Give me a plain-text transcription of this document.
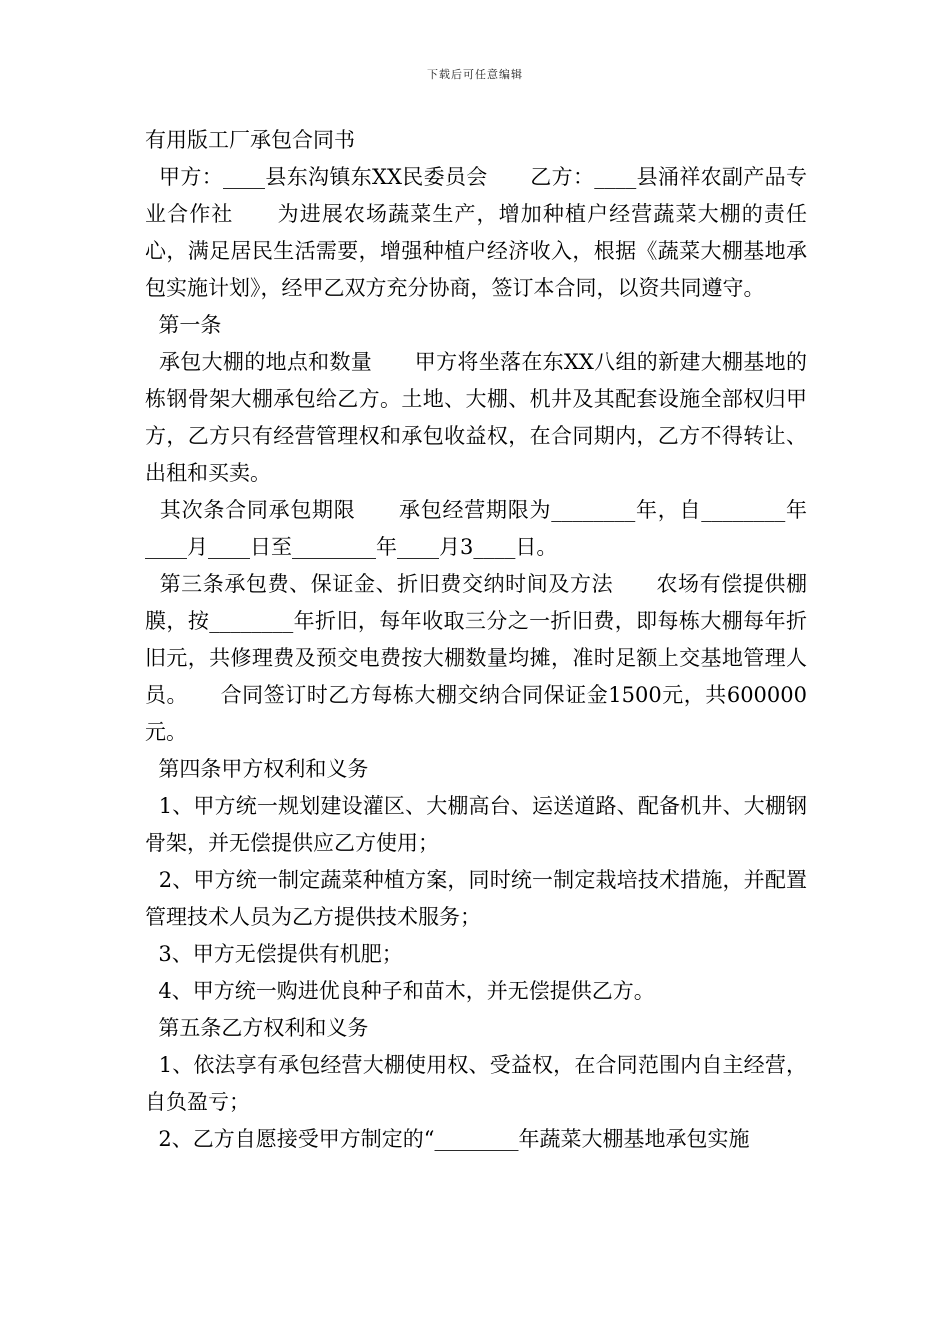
下载后可任意编辑

有用版工厂承包合同书

甲方：____县东沟镇东XX民委员会　　乙方：____县涌祥农副产品专业合作社　　为进展农场蔬菜生产，增加种植户经营蔬菜大棚的责任心，满足居民生活需要，增强种植户经济收入，根据《蔬菜大棚基地承包实施计划》，经甲乙双方充分协商，签订本合同，以资共同遵守。

第一条

承包大棚的地点和数量　　甲方将坐落在东XX八组的新建大棚基地的栋钢骨架大棚承包给乙方。土地、大棚、机井及其配套设施全部权归甲方，乙方只有经营管理权和承包收益权，在合同期内，乙方不得转让、出租和买卖。

其次条合同承包期限　　承包经营期限为________年，自________年____月____日至________年____月3____日。

第三条承包费、保证金、折旧费交纳时间及方法　　农场有偿提供棚膜，按________年折旧，每年收取三分之一折旧费，即每栋大棚每年折旧元，共修理费及预交电费按大棚数量均摊，准时足额上交基地管理人员。　　合同签订时乙方每栋大棚交纳合同保证金1500元，共600000元。

第四条甲方权利和义务

1、甲方统一规划建设灌区、大棚高台、运送道路、配备机井、大棚钢骨架，并无偿提供应乙方使用；

2、甲方统一制定蔬菜种植方案，同时统一制定栽培技术措施，并配置管理技术人员为乙方提供技术服务；

3、甲方无偿提供有机肥；

4、甲方统一购进优良种子和苗木，并无偿提供乙方。

第五条乙方权利和义务

1、依法享有承包经营大棚使用权、受益权，在合同范围内自主经营，自负盈亏；

2、乙方自愿接受甲方制定的“________年蔬菜大棚基地承包实施
